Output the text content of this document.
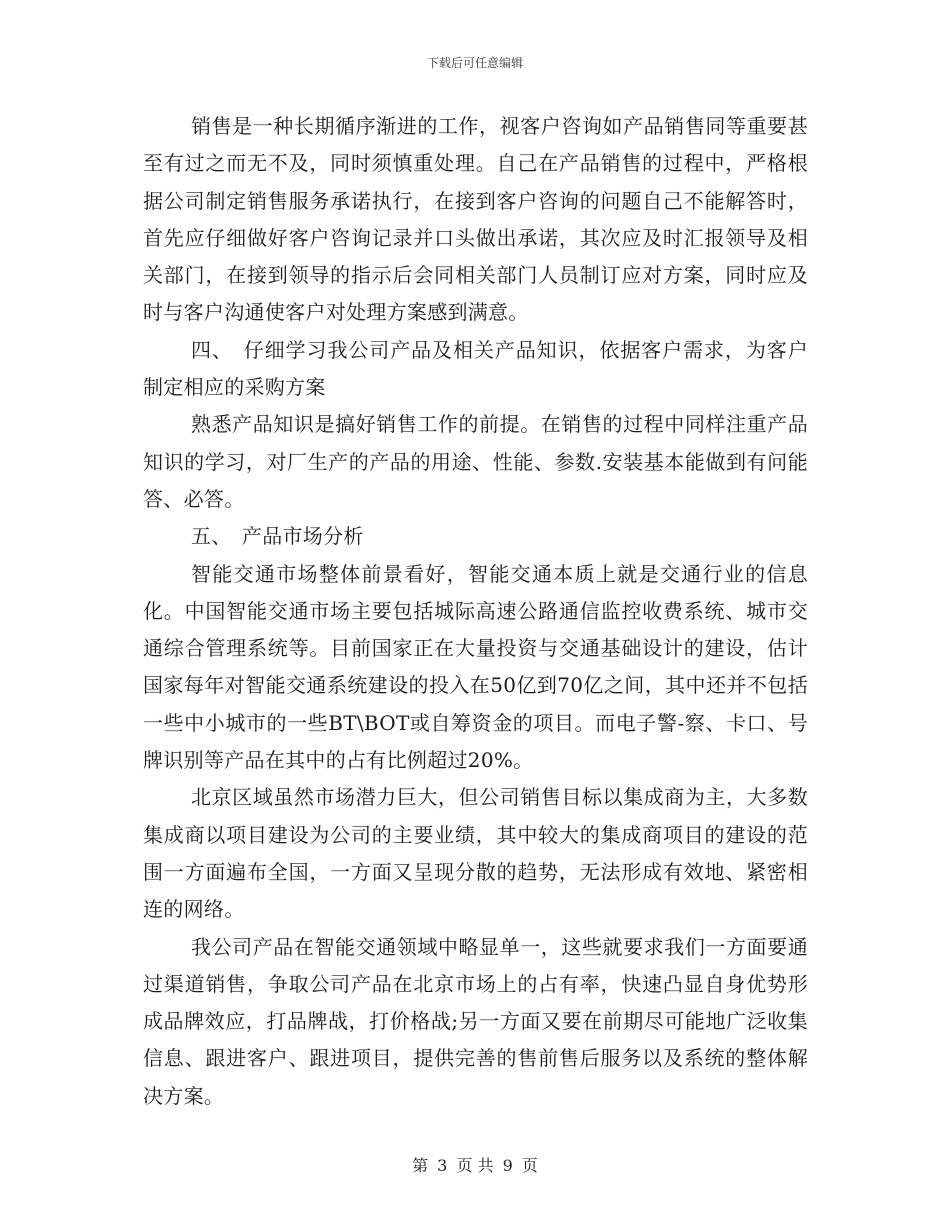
下载后可任意编辑

销售是一种长期循序渐进的工作，视客户咨询如产品销售同等重要甚至有过之而无不及，同时须慎重处理。自己在产品销售的过程中，严格根据公司制定销售服务承诺执行，在接到客户咨询的问题自己不能解答时，首先应仔细做好客户咨询记录并口头做出承诺，其次应及时汇报领导及相关部门，在接到领导的指示后会同相关部门人员制订应对方案，同时应及时与客户沟通使客户对处理方案感到满意。

四、　仔细学习我公司产品及相关产品知识，依据客户需求，为客户制定相应的采购方案

熟悉产品知识是搞好销售工作的前提。在销售的过程中同样注重产品知识的学习，对厂生产的产品的用途、性能、参数.安装基本能做到有问能答、必答。

五、　产品市场分析

智能交通市场整体前景看好，智能交通本质上就是交通行业的信息化。中国智能交通市场主要包括城际高速公路通信监控收费系统、城市交通综合管理系统等。目前国家正在大量投资与交通基础设计的建设，估计国家每年对智能交通系统建设的投入在50亿到70亿之间，其中还并不包括一些中小城市的一些BT\BOT或自筹资金的项目。而电子警-察、卡口、号牌识别等产品在其中的占有比例超过20%。

北京区域虽然市场潜力巨大，但公司销售目标以集成商为主，大多数集成商以项目建设为公司的主要业绩，其中较大的集成商项目的建设的范围一方面遍布全国，一方面又呈现分散的趋势，无法形成有效地、紧密相连的网络。

我公司产品在智能交通领域中略显单一，这些就要求我们一方面要通过渠道销售，争取公司产品在北京市场上的占有率，快速凸显自身优势形成品牌效应，打品牌战，打价格战;另一方面又要在前期尽可能地广泛收集信息、跟进客户、跟进项目，提供完善的售前售后服务以及系统的整体解决方案。

第 3 页 共 9 页
